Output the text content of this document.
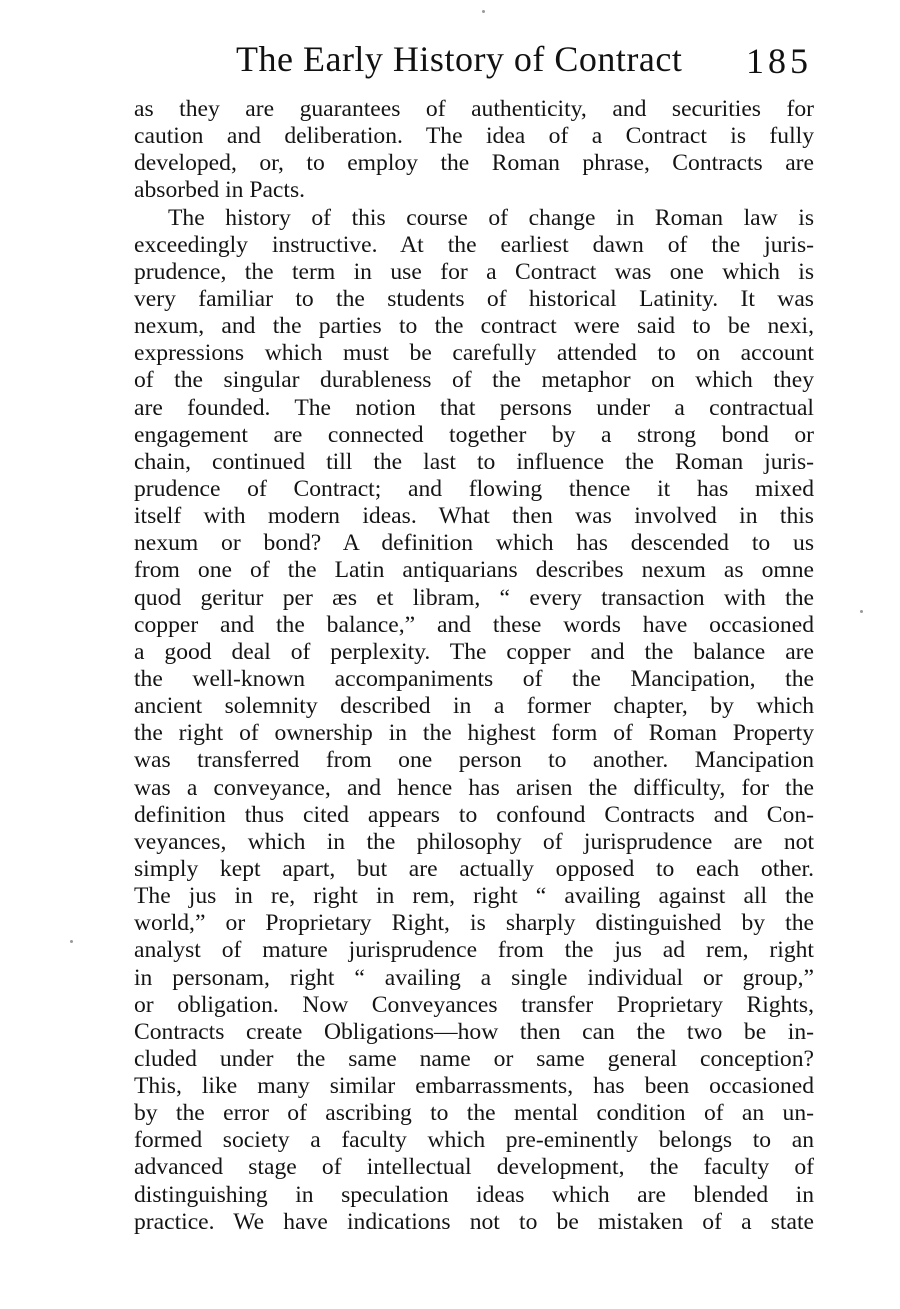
The Early History of Contract 185
as they are guarantees of authenticity, and securities for
caution and deliberation. The idea of a Contract is fully
developed, or, to employ the Roman phrase, Contracts are
absorbed in Pacts.
The history of this course of change in Roman law is
exceedingly instructive. At the earliest dawn of the juris-
prudence, the term in use for a Contract was one which is
very familiar to the students of historical Latinity. It was
nexum, and the parties to the contract were said to be nexi,
expressions which must be carefully attended to on account
of the singular durableness of the metaphor on which they
are founded. The notion that persons under a contractual
engagement are connected together by a strong bond or
chain, continued till the last to influence the Roman juris-
prudence of Contract; and flowing thence it has mixed
itself with modern ideas. What then was involved in this
nexum or bond? A definition which has descended to us
from one of the Latin antiquarians describes nexum as omne
quod geritur per æs et libram, “ every transaction with the
copper and the balance,” and these words have occasioned
a good deal of perplexity. The copper and the balance are
the well-known accompaniments of the Mancipation, the
ancient solemnity described in a former chapter, by which
the right of ownership in the highest form of Roman Property
was transferred from one person to another. Mancipation
was a conveyance, and hence has arisen the difficulty, for the
definition thus cited appears to confound Contracts and Con-
veyances, which in the philosophy of jurisprudence are not
simply kept apart, but are actually opposed to each other.
The jus in re, right in rem, right “ availing against all the
world,” or Proprietary Right, is sharply distinguished by the
analyst of mature jurisprudence from the jus ad rem, right
in personam, right “ availing a single individual or group,”
or obligation. Now Conveyances transfer Proprietary Rights,
Contracts create Obligations—how then can the two be in-
cluded under the same name or same general conception?
This, like many similar embarrassments, has been occasioned
by the error of ascribing to the mental condition of an un-
formed society a faculty which pre-eminently belongs to an
advanced stage of intellectual development, the faculty of
distinguishing in speculation ideas which are blended in
practice. We have indications not to be mistaken of a state
